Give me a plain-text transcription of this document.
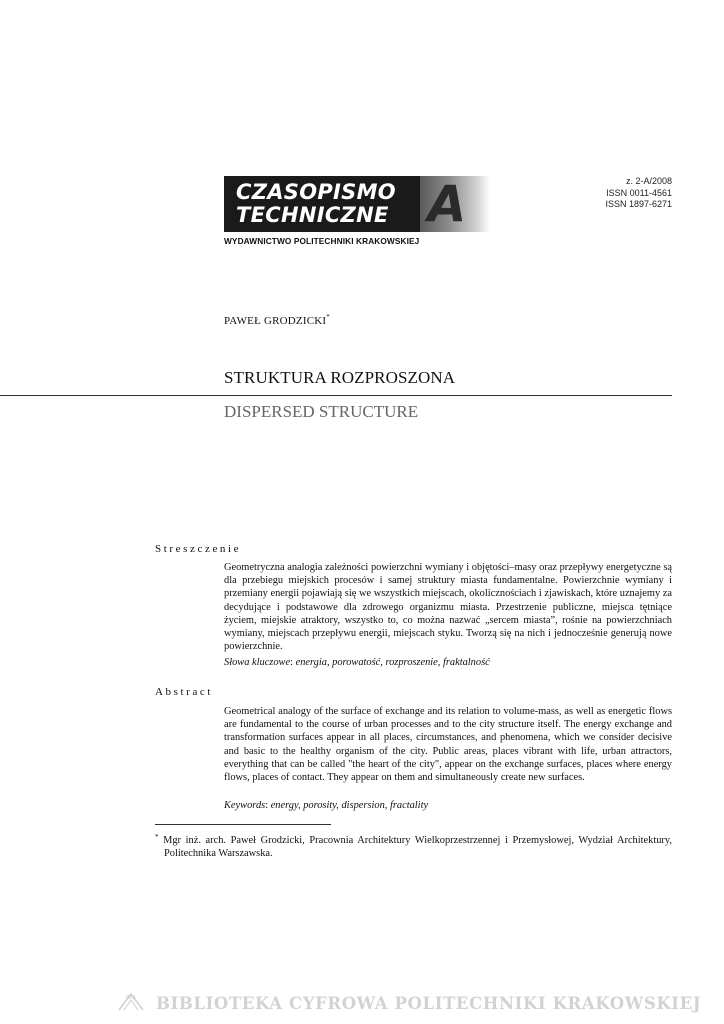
CZASOPISMO
TECHNICZNE A
WYDAWNICTWO POLITECHNIKI KRAKOWSKIEJ
z. 2-A/2008
ISSN 0011-4561
ISSN 1897-6271
PAWEŁ GRODZICKI*
STRUKTURA ROZPROSZONA
DISPERSED STRUCTURE
Streszczenie
Geometryczna analogia zależności powierzchni wymiany i objętości–masy oraz przepływy energetyczne są dla przebiegu miejskich procesów i samej struktury miasta fundamentalne. Powierzchnie wymiany i przemiany energii pojawiają się we wszystkich miejscach, okolicznościach i zjawiskach, które uznajemy za decydujące i podstawowe dla zdrowego organizmu miasta. Przestrzenie publiczne, miejsca tętniące życiem, miejskie atraktory, wszystko to, co można nazwać „sercem miasta”, rośnie na powierzchniach wymiany, miejscach przepływu energii, miejscach styku. Tworzą się na nich i jednocześnie generują nowe powierzchnie.
Słowa kluczowe: energia, porowatość, rozproszenie, fraktalność
Abstract
Geometrical analogy of the surface of exchange and its relation to volume-mass, as well as energetic flows are fundamental to the course of urban processes and to the city structure itself. The energy exchange and transformation surfaces appear in all places, circumstances, and phenomena, which we consider decisive and basic to the healthy organism of the city. Public areas, places vibrant with life, urban attractors, everything that can be called "the heart of the city", appear on the exchange surfaces, places where energy flows, places of contact. They appear on them and simultaneously create new surfaces.
Keywords: energy, porosity, dispersion, fractality
* Mgr inż. arch. Paweł Grodzicki, Pracownia Architektury Wielkoprzestrzennej i Przemysłowej, Wydział Architektury, Politechnika Warszawska.
BPK BIBLIOTEKA CYFROWA POLITECHNIKI KRAKOWSKIEJ
